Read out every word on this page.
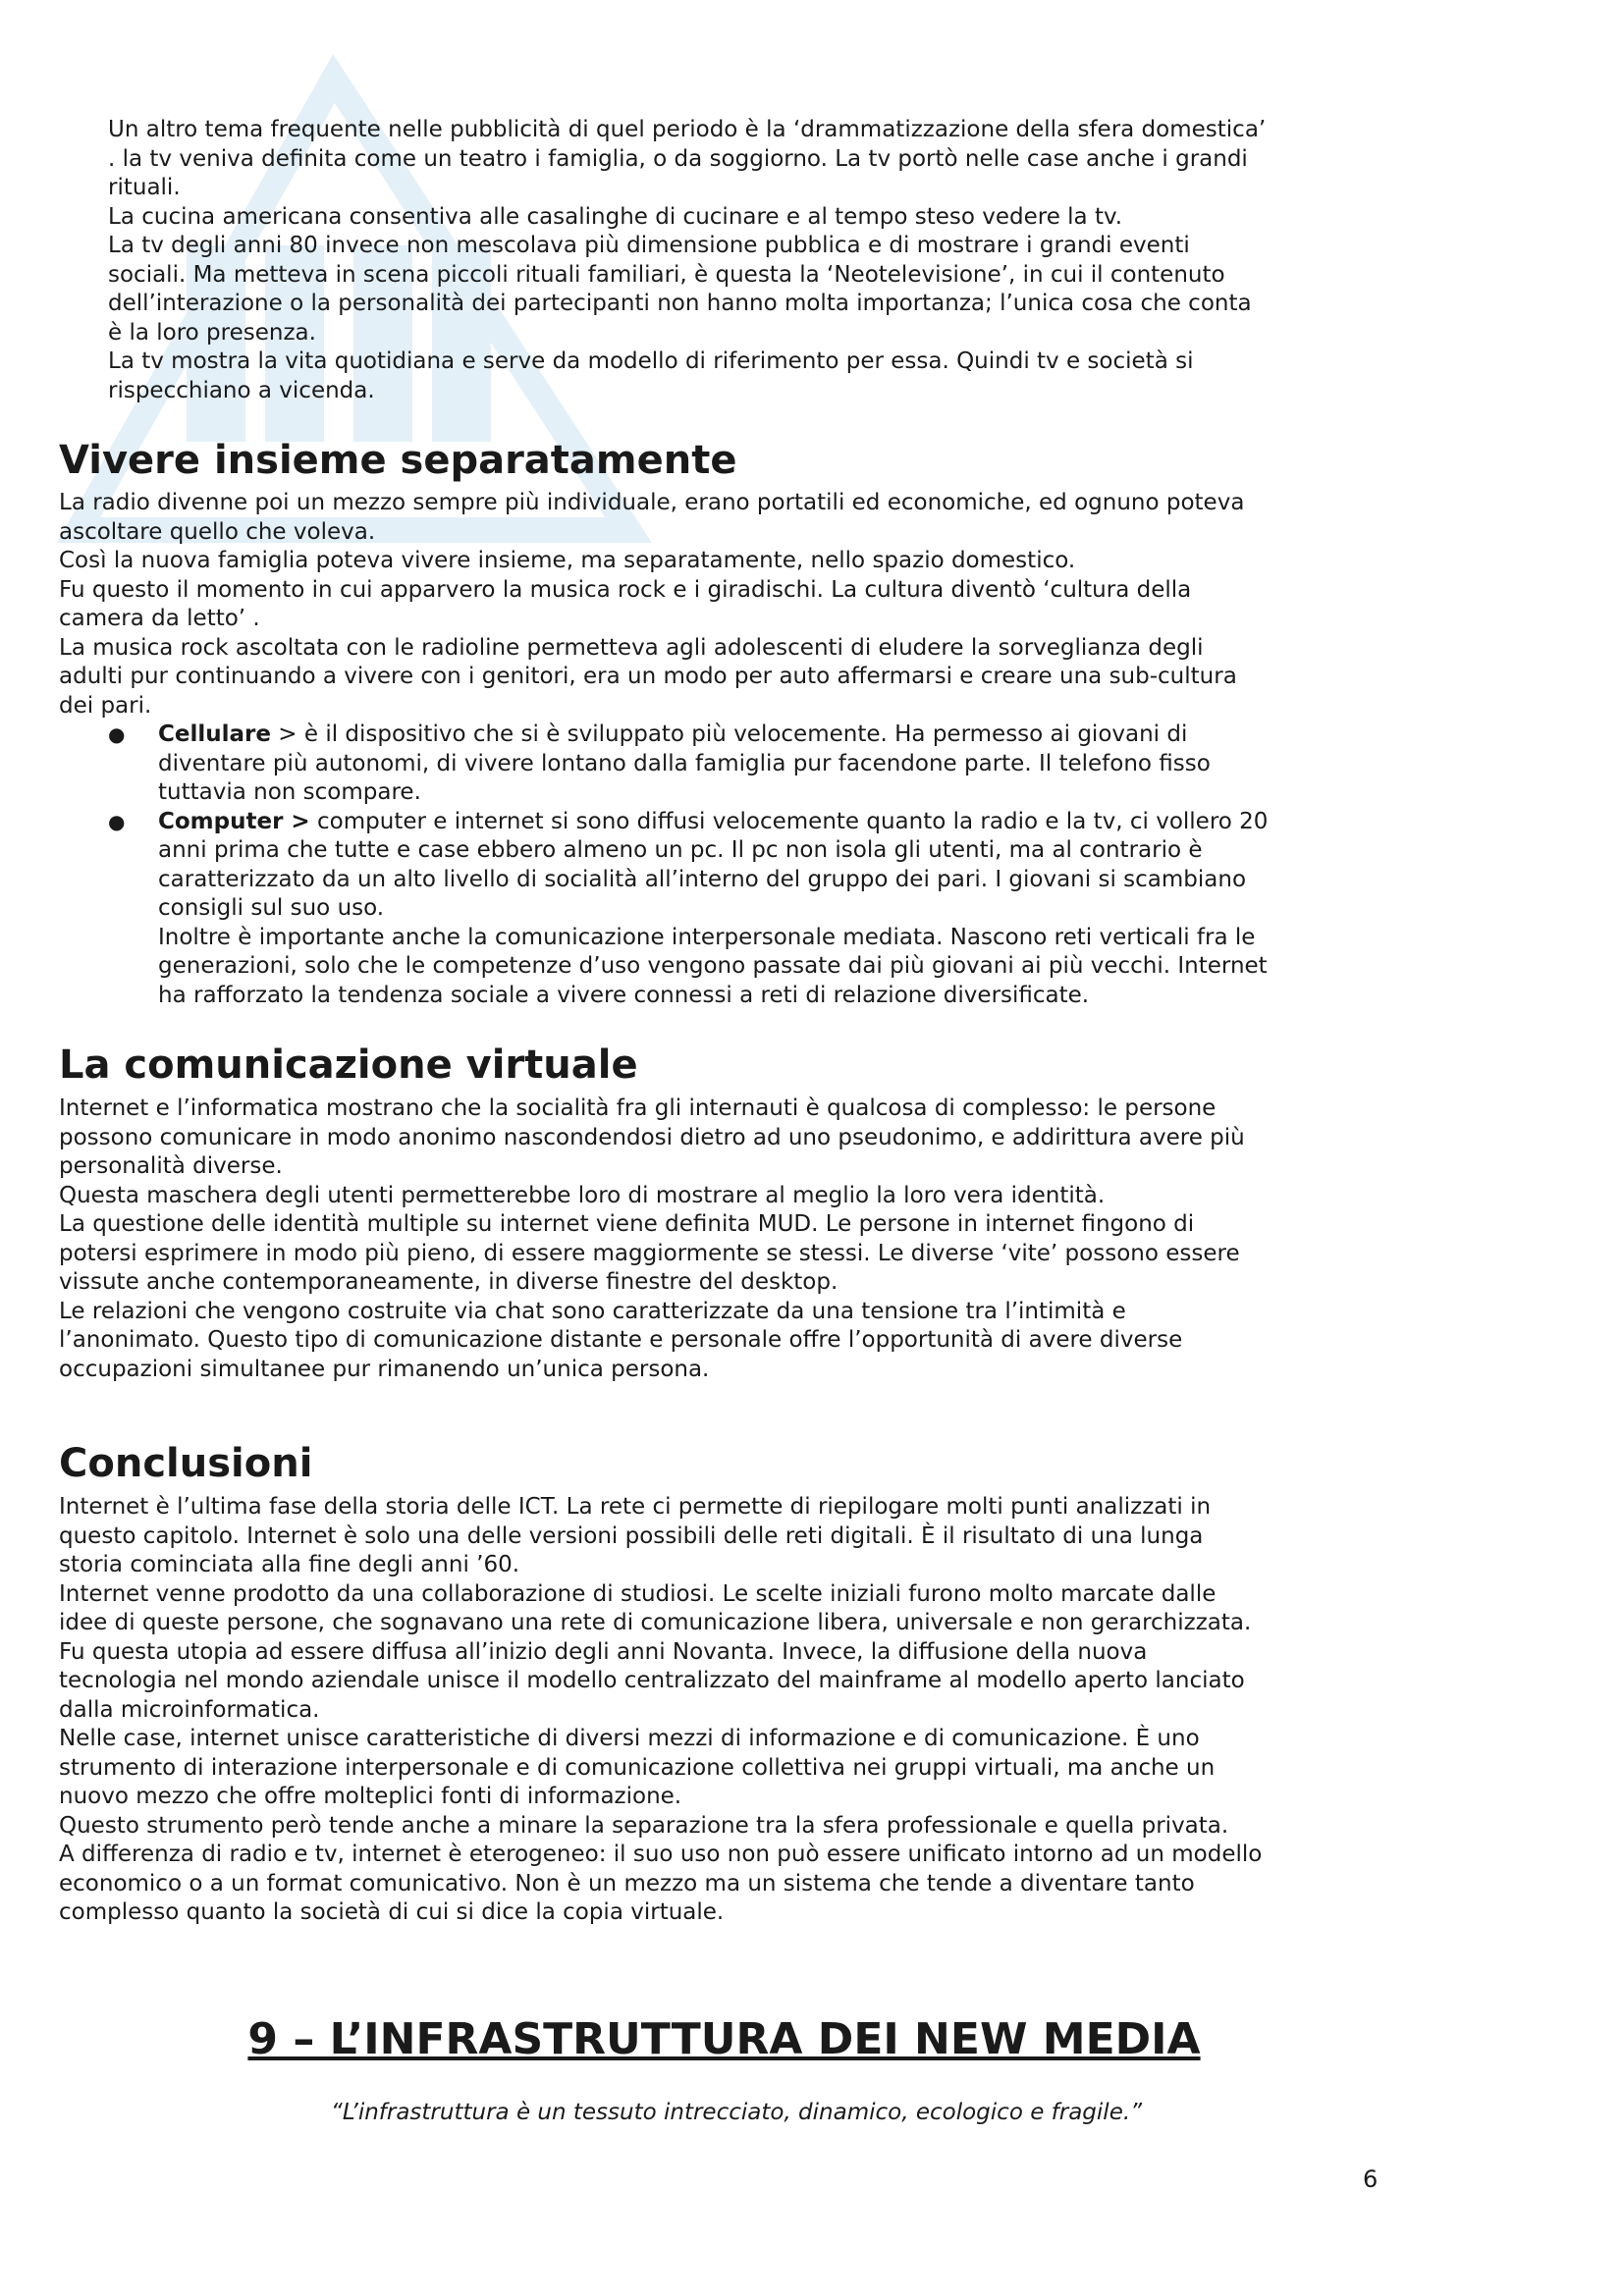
Un altro tema frequente nelle pubblicità di quel periodo è la ‘drammatizzazione della sfera domestica’
. la tv veniva definita come un teatro i famiglia, o da soggiorno. La tv portò nelle case anche i grandi
rituali.
La cucina americana consentiva alle casalinghe di cucinare e al tempo steso vedere la tv.
La tv degli anni 80 invece non mescolava più dimensione pubblica e di mostrare i grandi eventi
sociali. Ma metteva in scena piccoli rituali familiari, è questa la ‘Neotelevisione’, in cui il contenuto
dell’interazione o la personalità dei partecipanti non hanno molta importanza; l’unica cosa che conta
è la loro presenza.
La tv mostra la vita quotidiana e serve da modello di riferimento per essa. Quindi tv e società si
rispecchiano a vicenda.

Vivere insieme separatamente

La radio divenne poi un mezzo sempre più individuale, erano portatili ed economiche, ed ognuno poteva
ascoltare quello che voleva.
Così la nuova famiglia poteva vivere insieme, ma separatamente, nello spazio domestico.
Fu questo il momento in cui apparvero la musica rock e i giradischi. La cultura diventò ‘cultura della
camera da letto’ .
La musica rock ascoltata con le radioline permetteva agli adolescenti di eludere la sorveglianza degli
adulti pur continuando a vivere con i genitori, era un modo per auto affermarsi e creare una sub-cultura
dei pari.

● Cellulare > è il dispositivo che si è sviluppato più velocemente. Ha permesso ai giovani di
diventare più autonomi, di vivere lontano dalla famiglia pur facendone parte. Il telefono fisso
tuttavia non scompare.
● Computer > computer e internet si sono diffusi velocemente quanto la radio e la tv, ci vollero 20
anni prima che tutte e case ebbero almeno un pc. Il pc non isola gli utenti, ma al contrario è
caratterizzato da un alto livello di socialità all’interno del gruppo dei pari. I giovani si scambiano
consigli sul suo uso.
Inoltre è importante anche la comunicazione interpersonale mediata. Nascono reti verticali fra le
generazioni, solo che le competenze d’uso vengono passate dai più giovani ai più vecchi. Internet
ha rafforzato la tendenza sociale a vivere connessi a reti di relazione diversificate.
La comunicazione virtuale

Internet e l’informatica mostrano che la socialità fra gli internauti è qualcosa di complesso: le persone
possono comunicare in modo anonimo nascondendosi dietro ad uno pseudonimo, e addirittura avere più
personalità diverse.
Questa maschera degli utenti permetterebbe loro di mostrare al meglio la loro vera identità.
La questione delle identità multiple su internet viene definita MUD. Le persone in internet fingono di
potersi esprimere in modo più pieno, di essere maggiormente se stessi. Le diverse ‘vite’ possono essere
vissute anche contemporaneamente, in diverse finestre del desktop.
Le relazioni che vengono costruite via chat sono caratterizzate da una tensione tra l’intimità e
l’anonimato. Questo tipo di comunicazione distante e personale offre l’opportunità di avere diverse
occupazioni simultanee pur rimanendo un’unica persona.

Conclusioni

Internet è l’ultima fase della storia delle ICT. La rete ci permette di riepilogare molti punti analizzati in
questo capitolo. Internet è solo una delle versioni possibili delle reti digitali. È il risultato di una lunga
storia cominciata alla fine degli anni ’60.
Internet venne prodotto da una collaborazione di studiosi. Le scelte iniziali furono molto marcate dalle
idee di queste persone, che sognavano una rete di comunicazione libera, universale e non gerarchizzata.
Fu questa utopia ad essere diffusa all’inizio degli anni Novanta. Invece, la diffusione della nuova
tecnologia nel mondo aziendale unisce il modello centralizzato del mainframe al modello aperto lanciato
dalla microinformatica.
Nelle case, internet unisce caratteristiche di diversi mezzi di informazione e di comunicazione. È uno
strumento di interazione interpersonale e di comunicazione collettiva nei gruppi virtuali, ma anche un
nuovo mezzo che offre molteplici fonti di informazione.
Questo strumento però tende anche a minare la separazione tra la sfera professionale e quella privata.
A differenza di radio e tv, internet è eterogeneo: il suo uso non può essere unificato intorno ad un modello
economico o a un format comunicativo. Non è un mezzo ma un sistema che tende a diventare tanto
complesso quanto la società di cui si dice la copia virtuale.

9 – L’INFRASTRUTTURA DEI NEW MEDIA

“L’infrastruttura è un tessuto intrecciato, dinamico, ecologico e fragile.”

6
